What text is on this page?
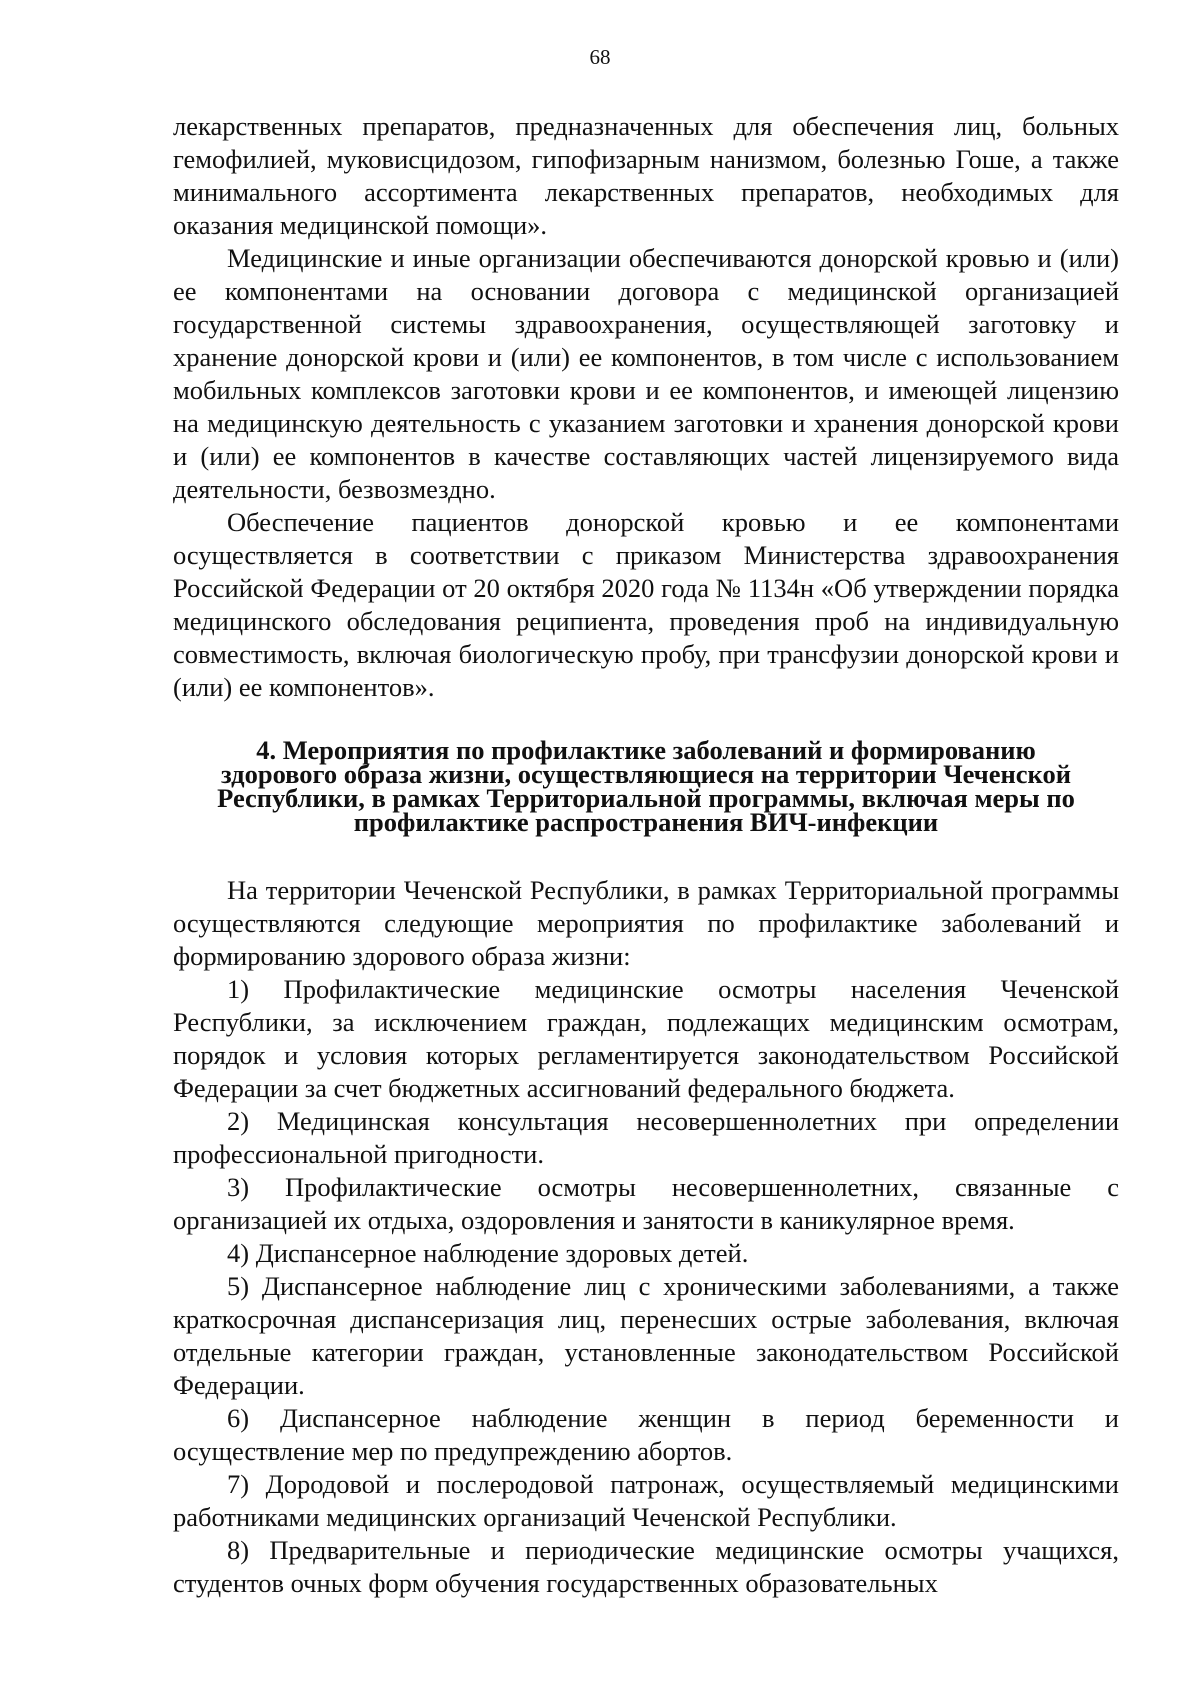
68

лекарственных препаратов, предназначенных для обеспечения лиц, больных гемофилией, муковисцидозом, гипофизарным нанизмом, болезнью Гоше, а также минимального ассортимента лекарственных препаратов, необходимых для оказания медицинской помощи».

Медицинские и иные организации обеспечиваются донорской кровью и (или) ее компонентами на основании договора с медицинской организацией государственной системы здравоохранения, осуществляющей заготовку и хранение донорской крови и (или) ее компонентов, в том числе с использованием мобильных комплексов заготовки крови и ее компонентов, и имеющей лицензию на медицинскую деятельность с указанием заготовки и хранения донорской крови и (или) ее компонентов в качестве составляющих частей лицензируемого вида деятельности, безвозмездно.

Обеспечение пациентов донорской кровью и ее компонентами осуществляется в соответствии с приказом Министерства здравоохранения Российской Федерации от 20 октября 2020 года № 1134н «Об утверждении порядка медицинского обследования реципиента, проведения проб на индивидуальную совместимость, включая биологическую пробу, при трансфузии донорской крови и (или) ее компонентов».

4. Мероприятия по профилактике заболеваний и формированию
здорового образа жизни, осуществляющиеся на территории Чеченской
Республики, в рамках Территориальной программы, включая меры по
профилактике распространения ВИЧ-инфекции

На территории Чеченской Республики, в рамках Территориальной программы осуществляются следующие мероприятия по профилактике заболеваний и формированию здорового образа жизни:

1) Профилактические медицинские осмотры населения Чеченской Республики, за исключением граждан, подлежащих медицинским осмотрам, порядок и условия которых регламентируется законодательством Российской Федерации за счет бюджетных ассигнований федерального бюджета.

2) Медицинская консультация несовершеннолетних при определении профессиональной пригодности.

3) Профилактические осмотры несовершеннолетних, связанные с организацией их отдыха, оздоровления и занятости в каникулярное время.

4) Диспансерное наблюдение здоровых детей.

5) Диспансерное наблюдение лиц с хроническими заболеваниями, а также краткосрочная диспансеризация лиц, перенесших острые заболевания, включая отдельные категории граждан, установленные законодательством Российской Федерации.

6) Диспансерное наблюдение женщин в период беременности и осуществление мер по предупреждению абортов.

7) Дородовой и послеродовой патронаж, осуществляемый медицинскими работниками медицинских организаций Чеченской Республики.

8) Предварительные и периодические медицинские осмотры учащихся, студентов очных форм обучения государственных образовательных
